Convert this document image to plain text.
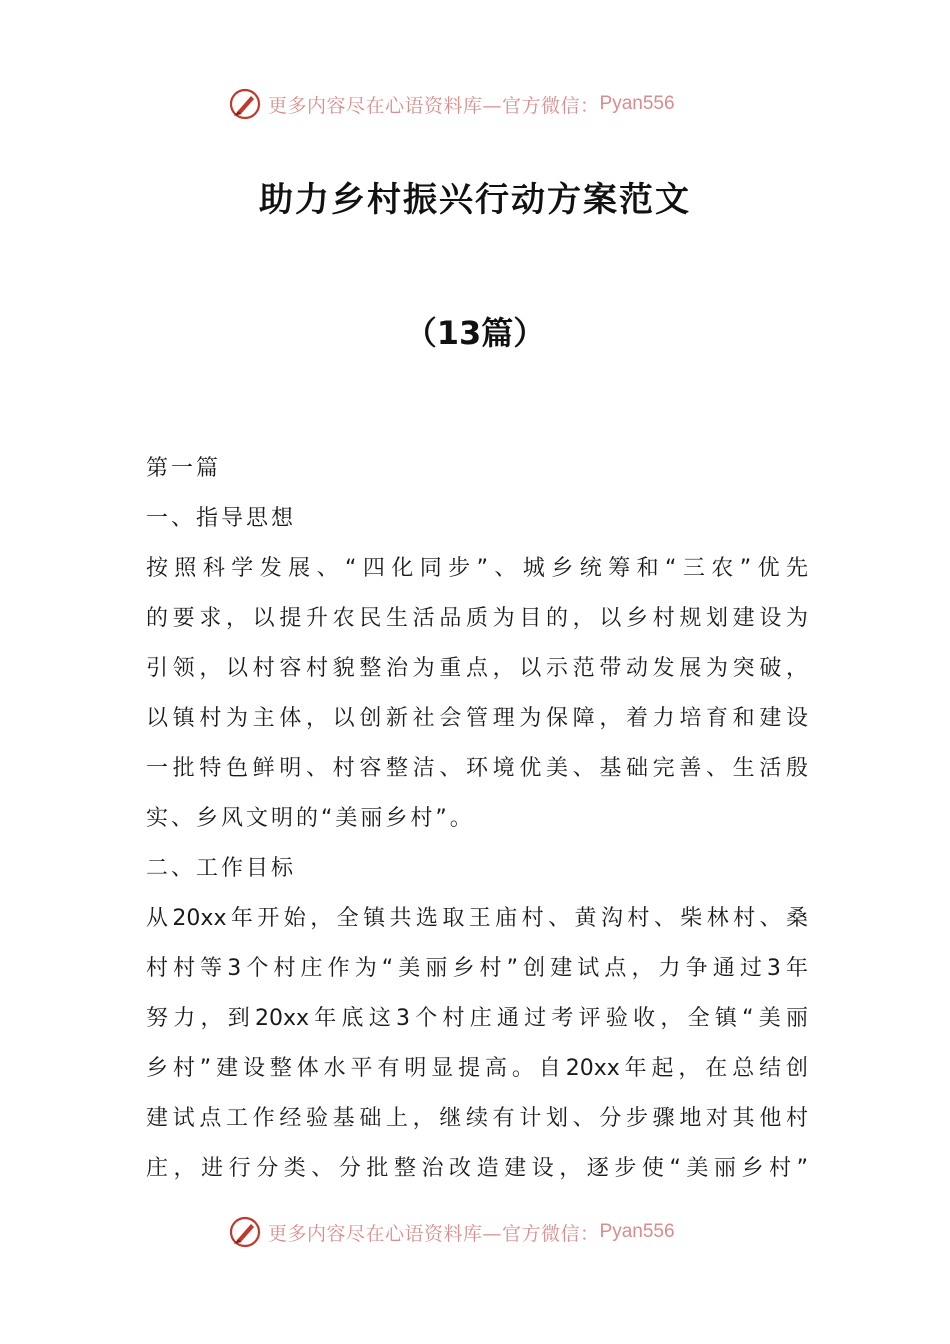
更多内容尽在心语资料库—官方微信： Pyan556
助力乡村振兴行动方案范文
（13篇）
第一篇
一、指导思想
按照科学发展、“四化同步”、城乡统筹和“三农”优先
的要求，以提升农民生活品质为目的，以乡村规划建设为
引领，以村容村貌整治为重点，以示范带动发展为突破，
以镇村为主体，以创新社会管理为保障，着力培育和建设
一批特色鲜明、村容整洁、环境优美、基础完善、生活殷
实、乡风文明的“美丽乡村”。
二、工作目标
从20xx年开始，全镇共选取王庙村、黄沟村、柴林村、桑
村村等3个村庄作为“美丽乡村”创建试点，力争通过3年
努力，到20xx年底这3个村庄通过考评验收，全镇“美丽
乡村”建设整体水平有明显提高。自20xx年起，在总结创
建试点工作经验基础上，继续有计划、分步骤地对其他村
庄，进行分类、分批整治改造建设，逐步使“美丽乡村”
更多内容尽在心语资料库—官方微信： Pyan556
